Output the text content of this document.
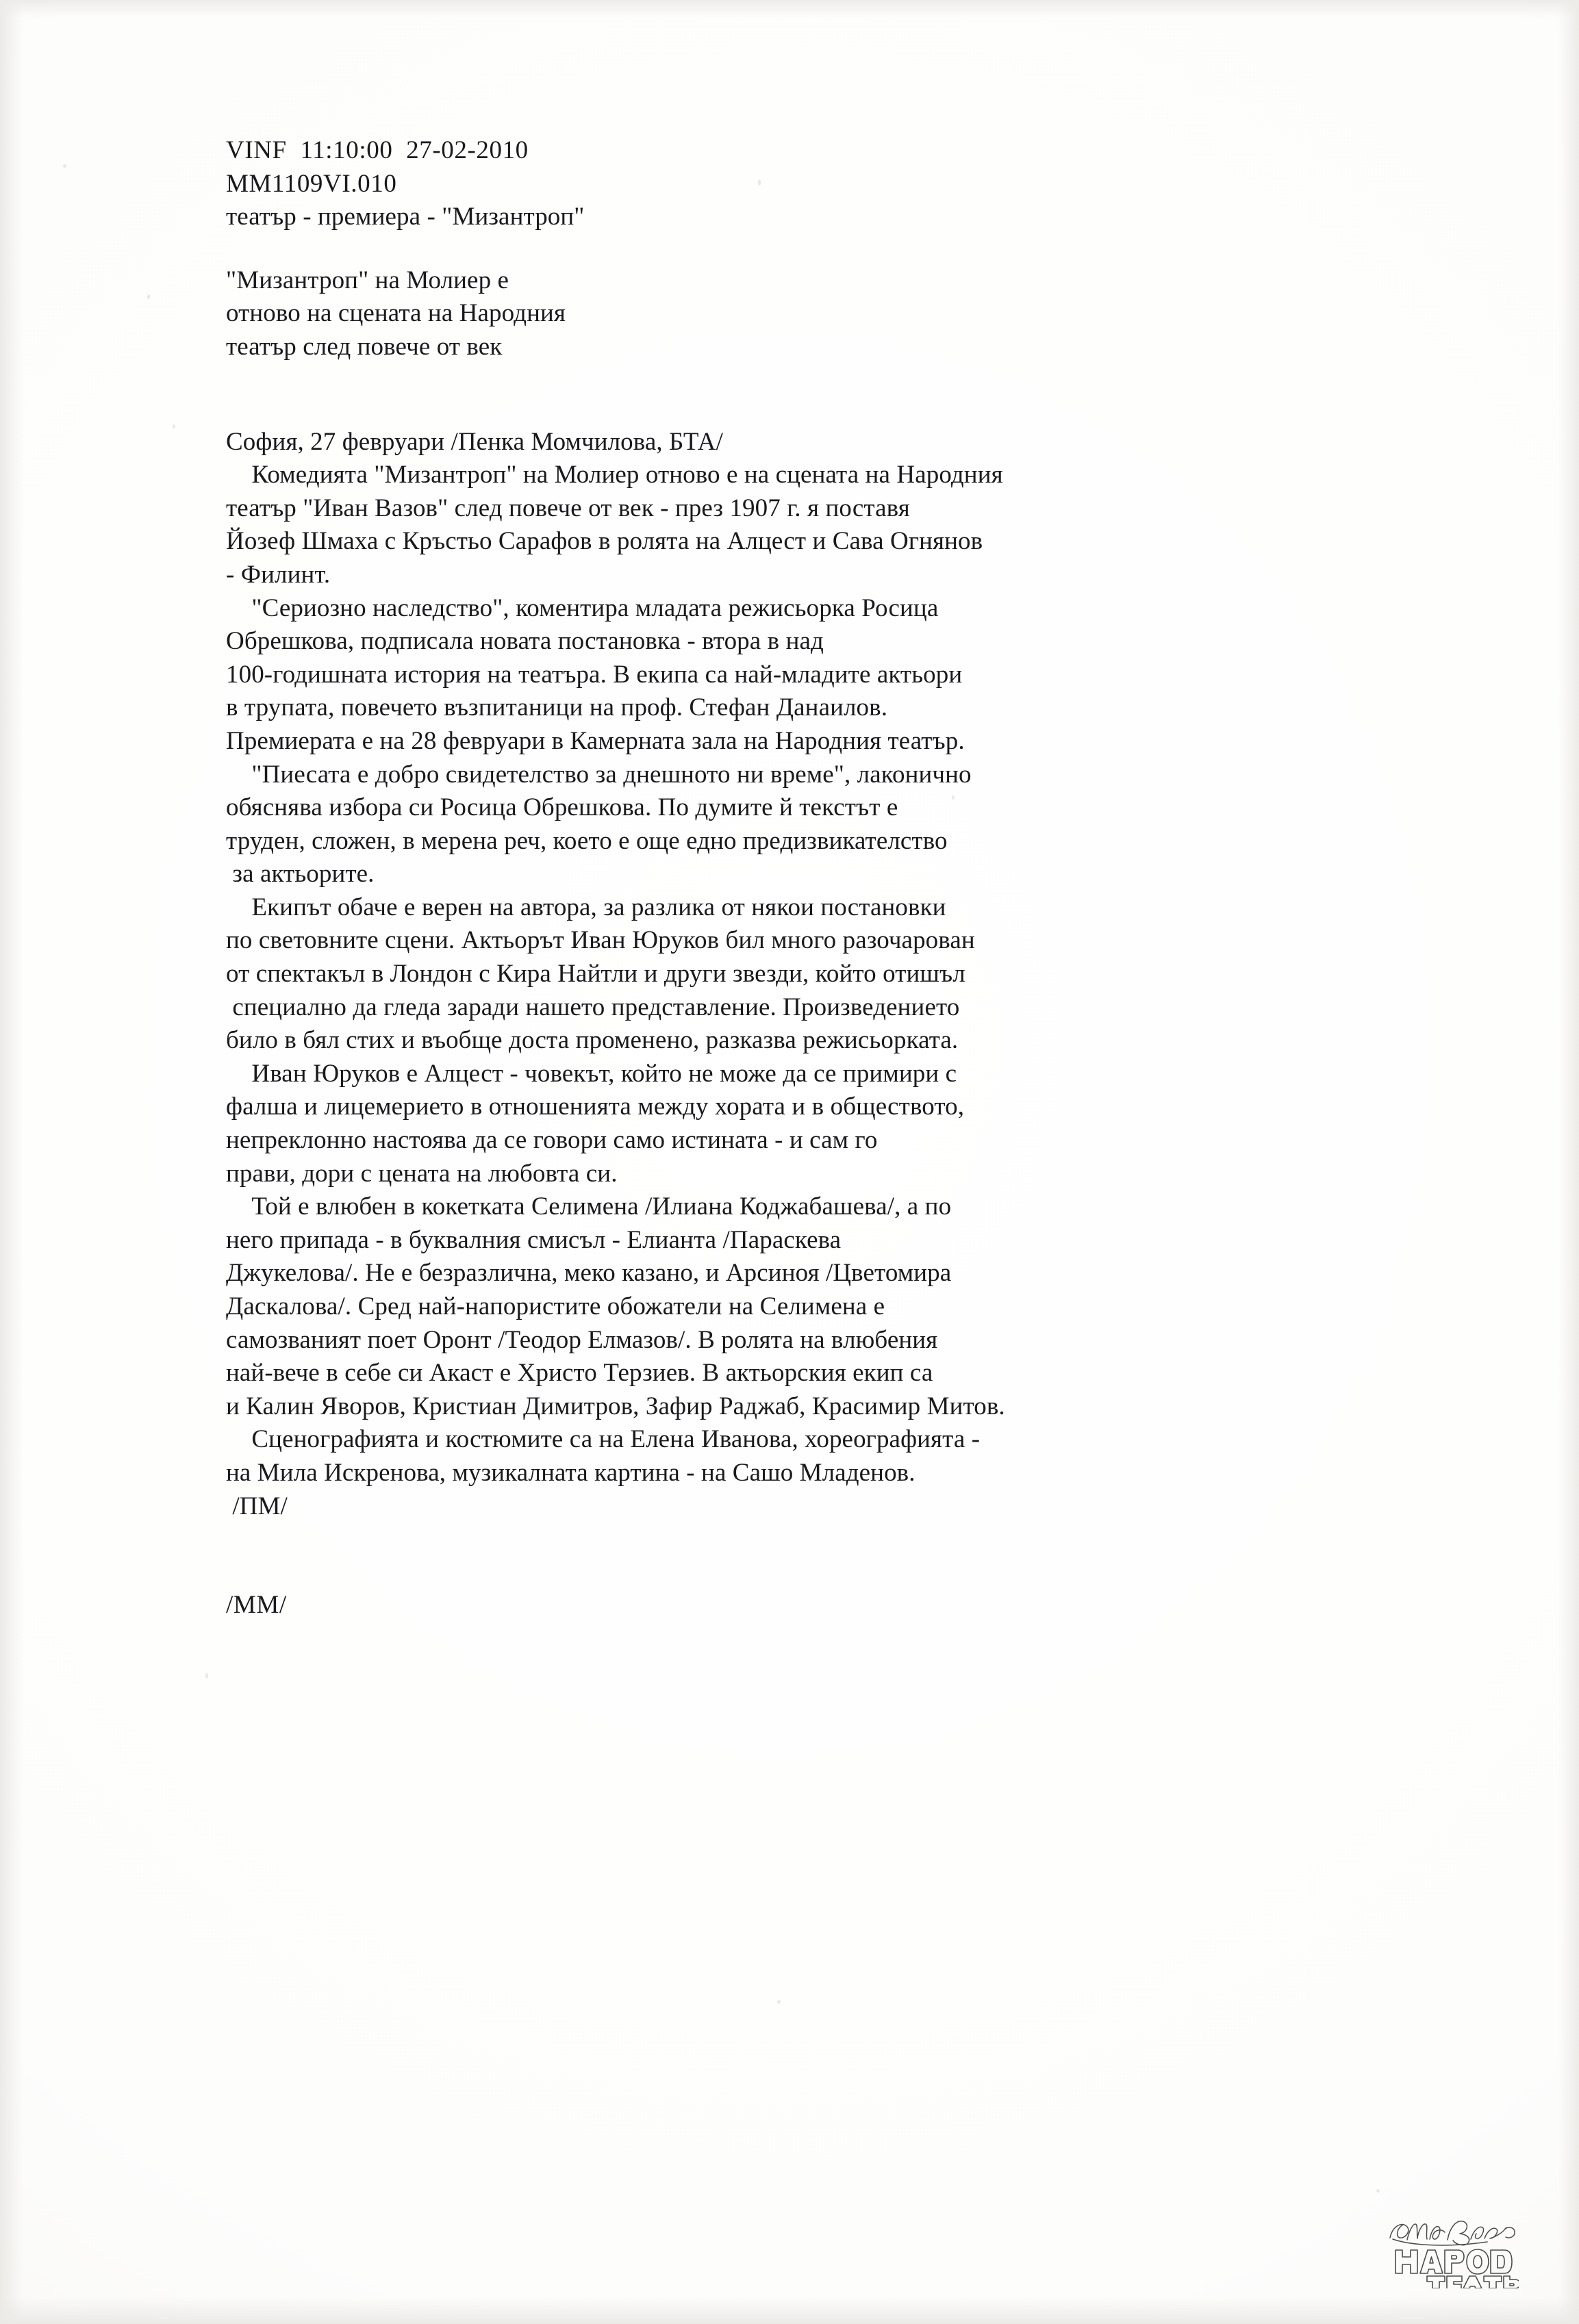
VINF  11:10:00  27-02-2010
MM1109VI.010
театър - премиера - "Мизантроп"
"Мизантроп" на Молиер е
отново на сцената на Народния
театър след повече от век
София, 27 февруари /Пенка Момчилова, БТА/
Комедията "Мизантроп" на Молиер отново е на сцената на Народния
театър "Иван Вазов" след повече от век - през 1907 г. я поставя
Йозеф Шмаха с Кръстьо Сарафов в ролята на Алцест и Сава Огнянов
- Филинт.
"Сериозно наследство", коментира младата режисьорка Росица
Обрешкова, подписала новата постановка - втора в над
100-годишната история на театъра. В екипа са най-младите актьори
в трупата, повечето възпитаници на проф. Стефан Данаилов.
Премиерата е на 28 февруари в Камерната зала на Народния театър.
"Пиесата е добро свидетелство за днешното ни време", лаконично
обяснява избора си Росица Обрешкова. По думите й текстът е
труден, сложен, в мерена реч, което е още едно предизвикателство
за актьорите.
Екипът обаче е верен на автора, за разлика от някои постановки
по световните сцени. Актьорът Иван Юруков бил много разочарован
от спектакъл в Лондон с Кира Найтли и други звезди, който отишъл
специално да гледа заради нашето представление. Произведението
било в бял стих и въобще доста променено, разказва режисьорката.
Иван Юруков е Алцест - човекът, който не може да се примири с
фалша и лицемерието в отношенията между хората и в обществото,
непреклонно настоява да се говори само истината - и сам го
прави, дори с цената на любовта си.
Той е влюбен в кокетката Селимена /Илиана Коджабашева/, а по
него припада - в буквалния смисъл - Елианта /Параскева
Джукелова/. Не е безразлична, меко казано, и Арсиноя /Цветомира
Даскалова/. Сред най-напористите обожатели на Селимена е
самозваният поет Оронт /Теодор Елмазов/. В ролята на влюбения
най-вече в себе си Акаст е Христо Терзиев. В актьорския екип са
и Калин Яворов, Кристиан Димитров, Зафир Раджаб, Красимир Митов.
Сценографията и костюмите са на Елена Иванова, хореографията -
на Мила Искренова, музикалната картина - на Сашо Младенов.
/ПМ/
/ММ/
